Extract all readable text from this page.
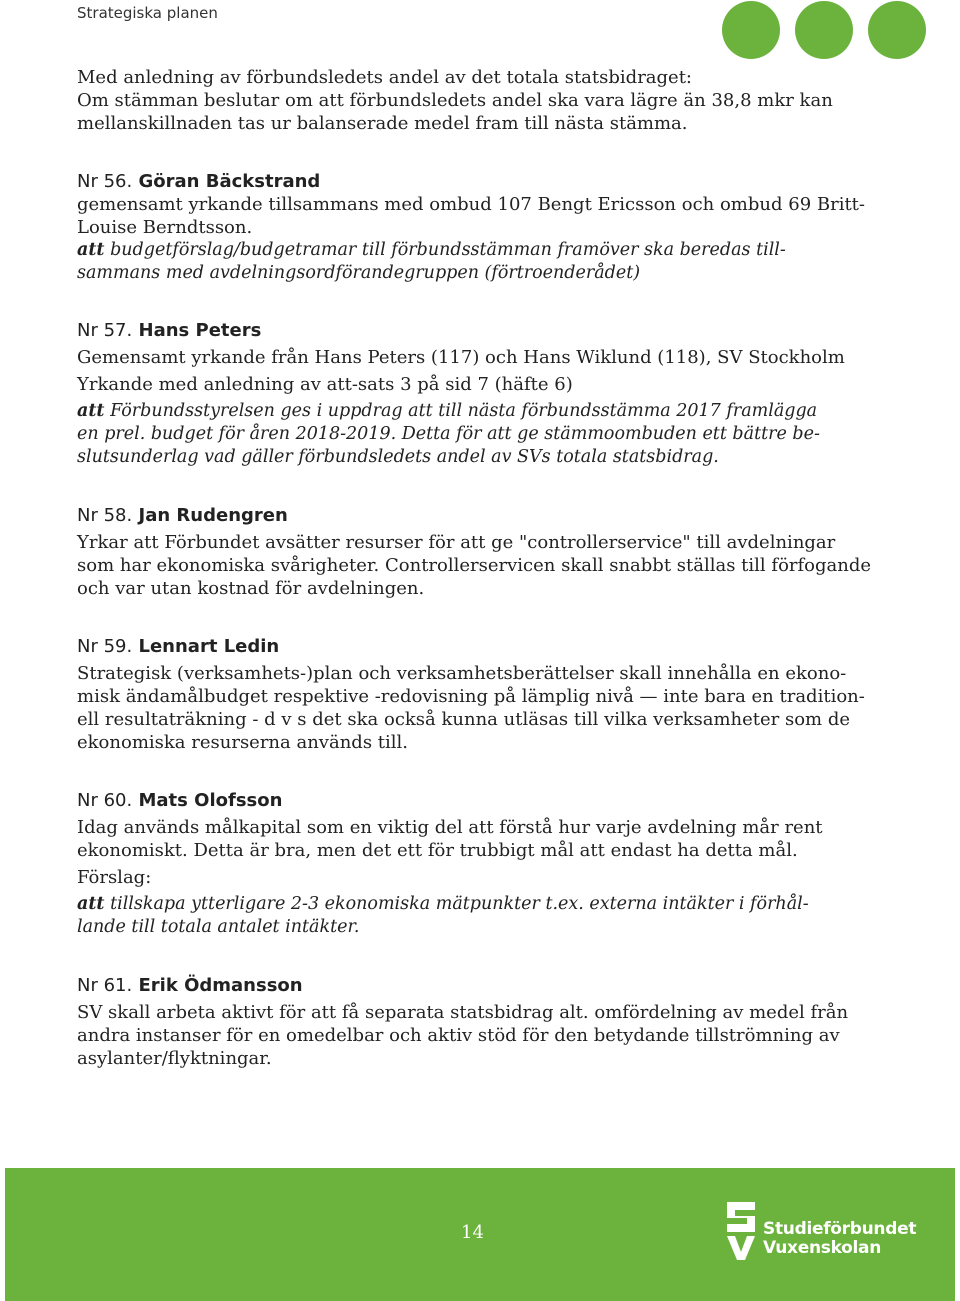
Strategiska planen
Med anledning av förbundsledets andel av det totala statsbidraget:
Om stämman beslutar om att förbundsledets andel ska vara lägre än 38,8 mkr kan
mellanskillnaden tas ur balanserade medel fram till nästa stämma.
Nr 56. Göran Bäckstrand
gemensamt yrkande tillsammans med ombud 107 Bengt Ericsson och ombud 69 Britt-
Louise Berndtsson.
att budgetförslag/budgetramar till förbundsstämman framöver ska beredas till-
sammans med avdelningsordförandegruppen (förtroenderådet)
Nr 57. Hans Peters
Gemensamt yrkande från Hans Peters (117) och Hans Wiklund (118), SV Stockholm
Yrkande med anledning av att-sats 3 på sid 7 (häfte 6)
att Förbundsstyrelsen ges i uppdrag att till nästa förbundsstämma 2017 framlägga
en prel. budget för åren 2018-2019. Detta för att ge stämmoombuden ett bättre be-
slutsunderlag vad gäller förbundsledets andel av SVs totala statsbidrag.
Nr 58. Jan Rudengren
Yrkar att Förbundet avsätter resurser för att ge "controllerservice" till avdelningar
som har ekonomiska svårigheter. Controllerservicen skall snabbt ställas till förfogande
och var utan kostnad för avdelningen.
Nr 59. Lennart Ledin
Strategisk (verksamhets-)plan och verksamhetsberättelser skall innehålla en ekono-
misk ändamålbudget respektive -redovisning på lämplig nivå — inte bara en tradition-
ell resultaträkning - d v s det ska också kunna utläsas till vilka verksamheter som de
ekonomiska resurserna används till.
Nr 60. Mats Olofsson
Idag används målkapital som en viktig del att förstå hur varje avdelning mår rent
ekonomiskt. Detta är bra, men det ett för trubbigt mål att endast ha detta mål.
Förslag:
att tillskapa ytterligare 2-3 ekonomiska mätpunkter t.ex. externa intäkter i förhål-
lande till totala antalet intäkter.
Nr 61. Erik Ödmansson
SV skall arbeta aktivt för att få separata statsbidrag alt. omfördelning av medel från
andra instanser för en omedelbar och aktiv stöd för den betydande tillströmning av
asylanter/flyktningar.
14	Studieförbundet
Vuxenskolan
